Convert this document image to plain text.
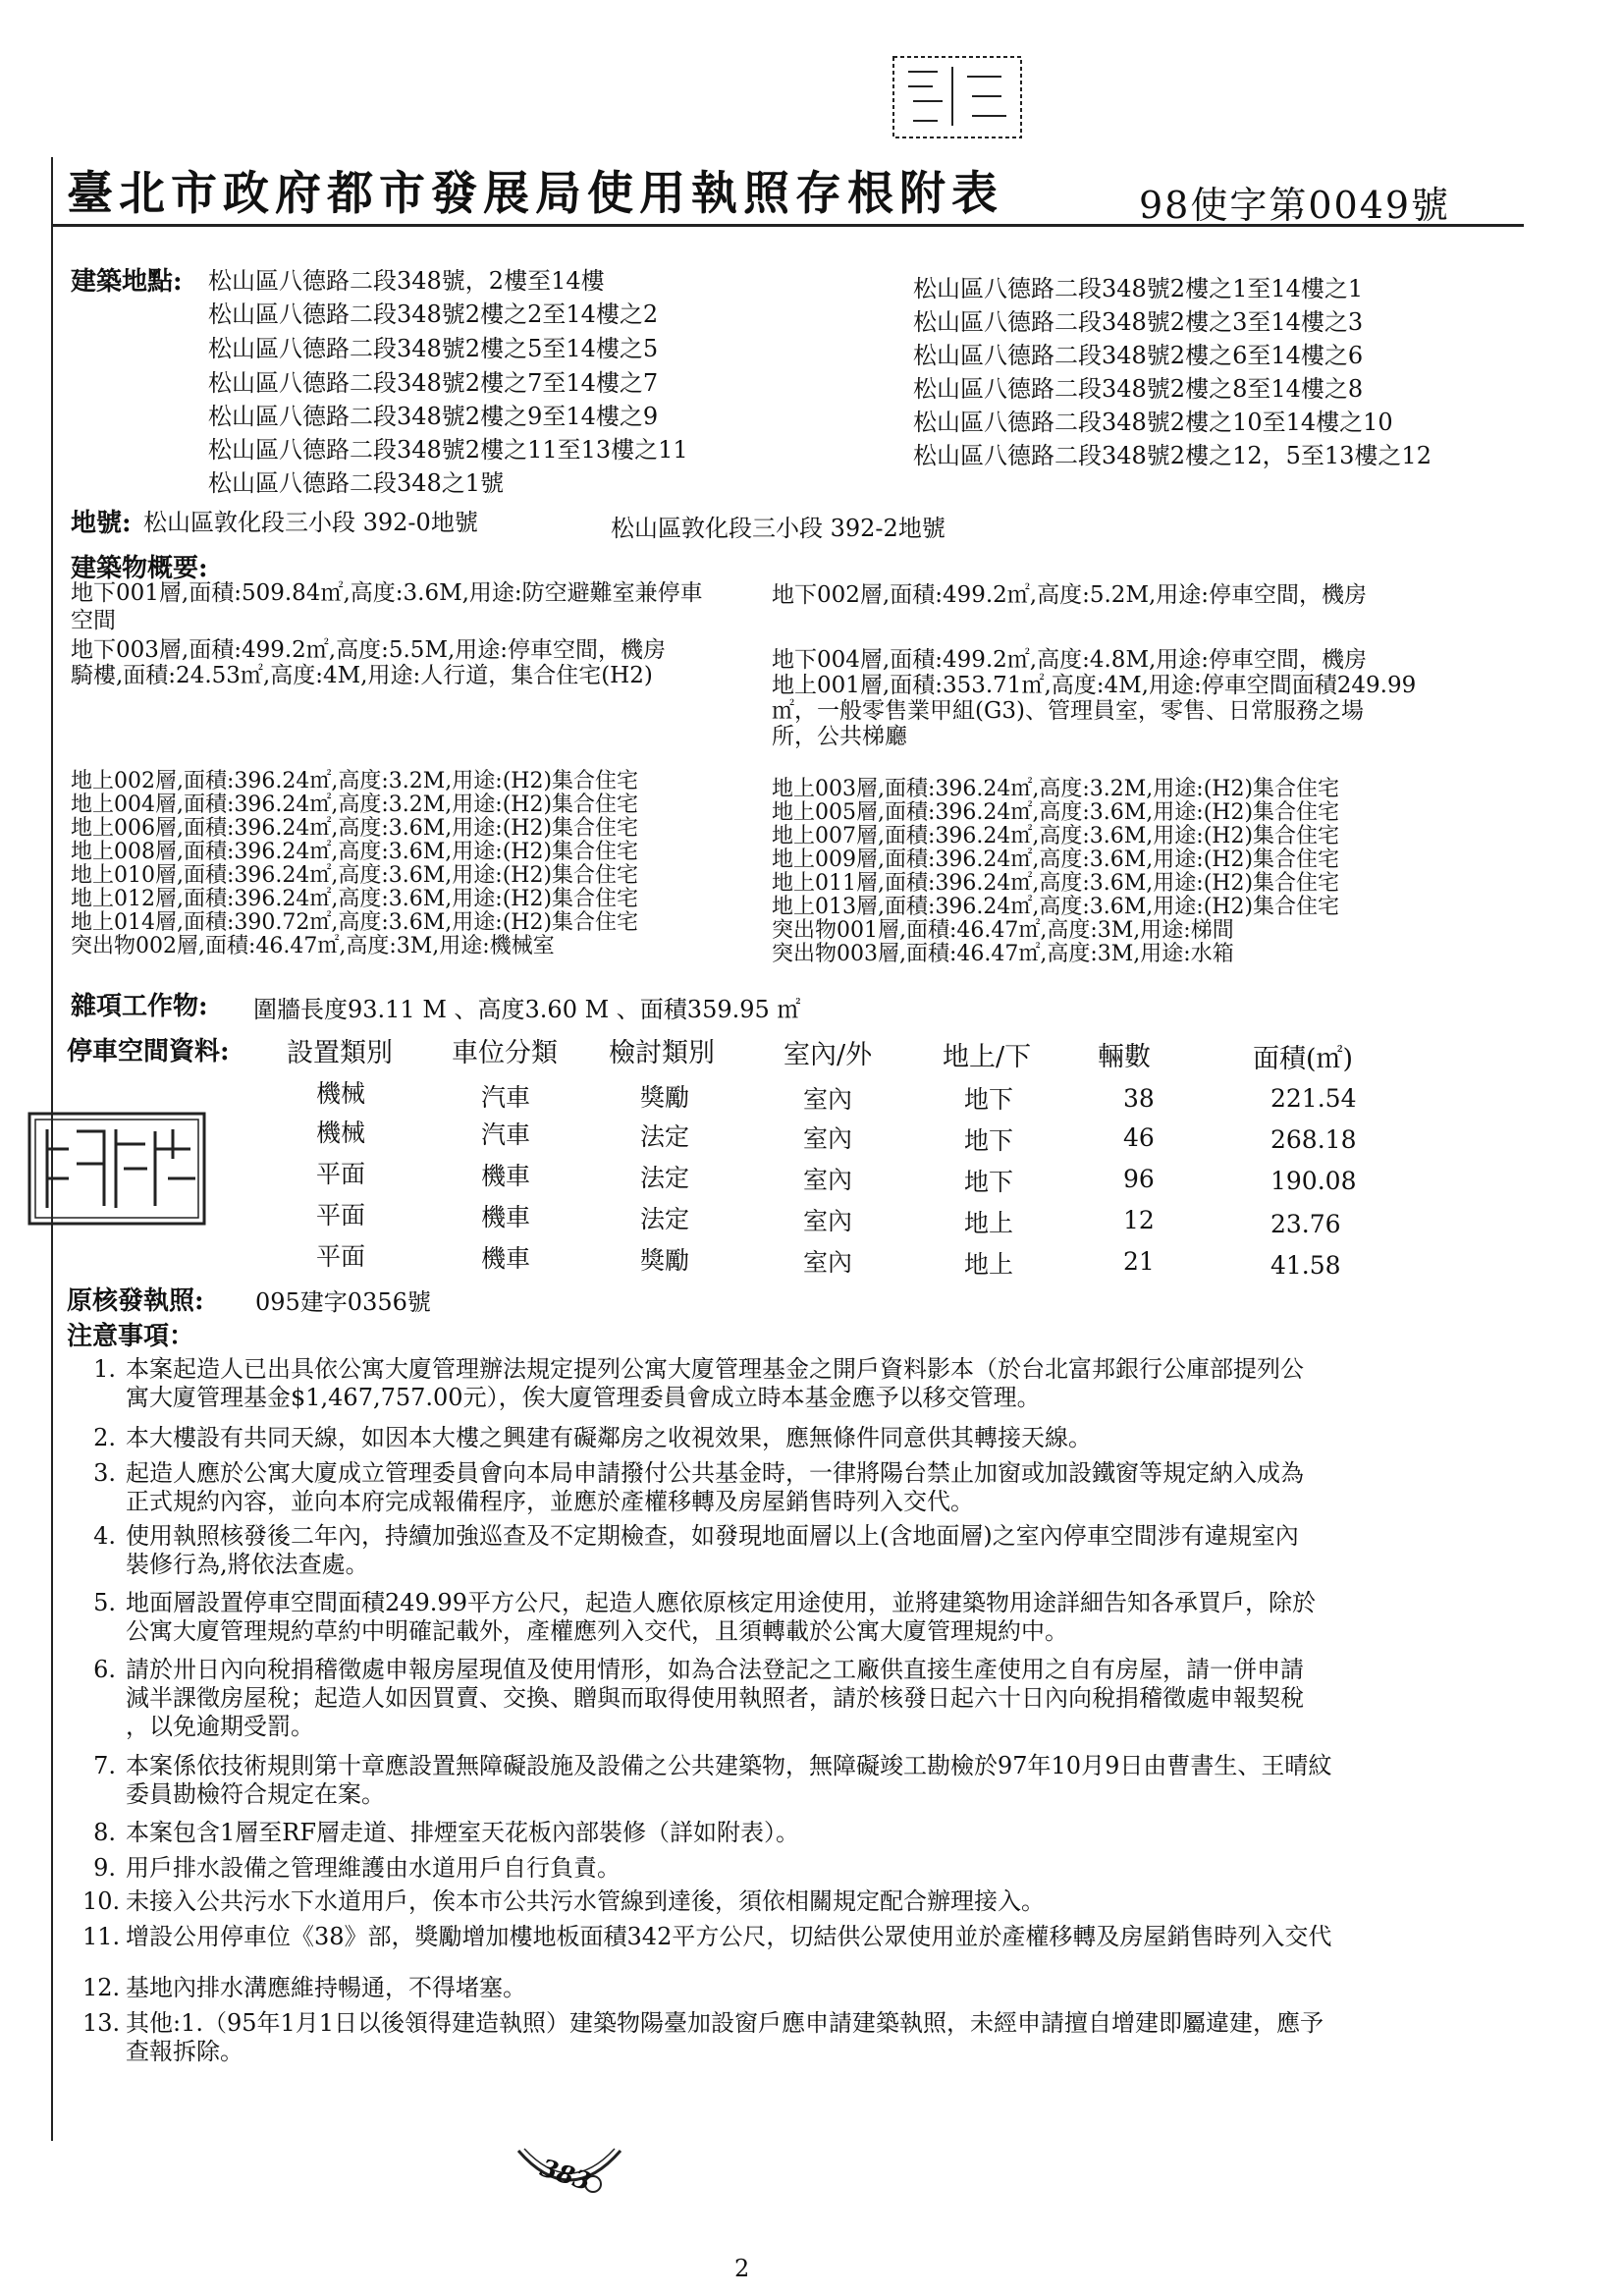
臺北市政府都市發展局使用執照存根附表	98使字第0049號
建築地點: 松山區八德路二段348號，2樓至14樓
松山區八德路二段348號2樓之2至14樓之2
松山區八德路二段348號2樓之5至14樓之5
松山區八德路二段348號2樓之7至14樓之7
松山區八德路二段348號2樓之9至14樓之9
松山區八德路二段348號2樓之11至13樓之11
松山區八德路二段348之1號
松山區八德路二段348號2樓之1至14樓之1
松山區八德路二段348號2樓之3至14樓之3
松山區八德路二段348號2樓之6至14樓之6
松山區八德路二段348號2樓之8至14樓之8
松山區八德路二段348號2樓之10至14樓之10
松山區八德路二段348號2樓之12，5至13樓之12
地號: 松山區敦化段三小段 392-0地號	松山區敦化段三小段 392-2地號
建築物概要:
地下001層,面積:509.84㎡,高度:3.6M,用途:防空避難室兼停車	地下002層,面積:499.2㎡,高度:5.2M,用途:停車空間，機房
空間
地下003層,面積:499.2㎡,高度:5.5M,用途:停車空間，機房
騎樓,面積:24.53㎡,高度:4M,用途:人行道，集合住宅(H2)
地下004層,面積:499.2㎡,高度:4.8M,用途:停車空間，機房
地上001層,面積:353.71㎡,高度:4M,用途:停車空間面積249.99
㎡，一般零售業甲組(G3)、管理員室，零售、日常服務之場
所，公共梯廳
地上002層,面積:396.24㎡,高度:3.2M,用途:(H2)集合住宅
地上004層,面積:396.24㎡,高度:3.2M,用途:(H2)集合住宅
地上006層,面積:396.24㎡,高度:3.6M,用途:(H2)集合住宅
地上008層,面積:396.24㎡,高度:3.6M,用途:(H2)集合住宅
地上010層,面積:396.24㎡,高度:3.6M,用途:(H2)集合住宅
地上012層,面積:396.24㎡,高度:3.6M,用途:(H2)集合住宅
地上014層,面積:390.72㎡,高度:3.6M,用途:(H2)集合住宅
突出物002層,面積:46.47㎡,高度:3M,用途:機械室
地上003層,面積:396.24㎡,高度:3.2M,用途:(H2)集合住宅
地上005層,面積:396.24㎡,高度:3.6M,用途:(H2)集合住宅
地上007層,面積:396.24㎡,高度:3.6M,用途:(H2)集合住宅
地上009層,面積:396.24㎡,高度:3.6M,用途:(H2)集合住宅
地上011層,面積:396.24㎡,高度:3.6M,用途:(H2)集合住宅
地上013層,面積:396.24㎡,高度:3.6M,用途:(H2)集合住宅
突出物001層,面積:46.47㎡,高度:3M,用途:梯間
突出物003層,面積:46.47㎡,高度:3M,用途:水箱
雜項工作物: 圍牆長度93.11 M 、高度3.60 M 、面積359.95 ㎡
停車空間資料: 設置類別 車位分類 檢討類別	室內/外	地上/下	輛數	面積(㎡)
機械	汽車	獎勵	室內	地下	38	221.54
機械	汽車	法定	室內	地下	46	268.18
平面	機車	法定	室內	地下	96	190.08
平面	機車	法定	室內	地上	12	23.76
平面	機車	獎勵	室內	地上	21	41.58
原核發執照: 095建字0356號
注意事項：
1. 本案起造人已出具依公寓大廈管理辦法規定提列公寓大廈管理基金之開戶資料影本（於台北富邦銀行公庫部提列公
寓大廈管理基金$1,467,757.00元），俟大廈管理委員會成立時本基金應予以移交管理。
2. 本大樓設有共同天線，如因本大樓之興建有礙鄰房之收視效果，應無條件同意供其轉接天線。
3. 起造人應於公寓大廈成立管理委員會向本局申請撥付公共基金時，一律將陽台禁止加窗或加設鐵窗等規定納入成為
正式規約內容，並向本府完成報備程序，並應於產權移轉及房屋銷售時列入交代。
4. 使用執照核發後二年內，持續加強巡查及不定期檢查，如發現地面層以上(含地面層)之室內停車空間涉有違規室內
裝修行為,將依法查處。
5. 地面層設置停車空間面積249.99平方公尺，起造人應依原核定用途使用，並將建築物用途詳細告知各承買戶，除於
公寓大廈管理規約草約中明確記載外，產權應列入交代，且須轉載於公寓大廈管理規約中。
6. 請於卅日內向稅捐稽徵處申報房屋現值及使用情形，如為合法登記之工廠供直接生產使用之自有房屋，請一併申請
減半課徵房屋稅；起造人如因買賣、交換、贈與而取得使用執照者，請於核發日起六十日內向稅捐稽徵處申報契稅
，以免逾期受罰。
7. 本案係依技術規則第十章應設置無障礙設施及設備之公共建築物，無障礙竣工勘檢於97年10月9日由曹書生、王晴紋
委員勘檢符合規定在案。
8. 本案包含1層至RF層走道、排煙室天花板內部裝修（詳如附表）。
9. 用戶排水設備之管理維護由水道用戶自行負責。
10. 未接入公共污水下水道用戶，俟本市公共污水管線到達後，須依相關規定配合辦理接入。
11. 增設公用停車位《38》部，獎勵增加樓地板面積342平方公尺，切結供公眾使用並於產權移轉及房屋銷售時列入交代
12. 基地內排水溝應維持暢通，不得堵塞。
13. 其他:1.（95年1月1日以後領得建造執照）建築物陽臺加設窗戶應申請建築執照，未經申請擅自增建即屬違建，應予
查報拆除。
383
2
